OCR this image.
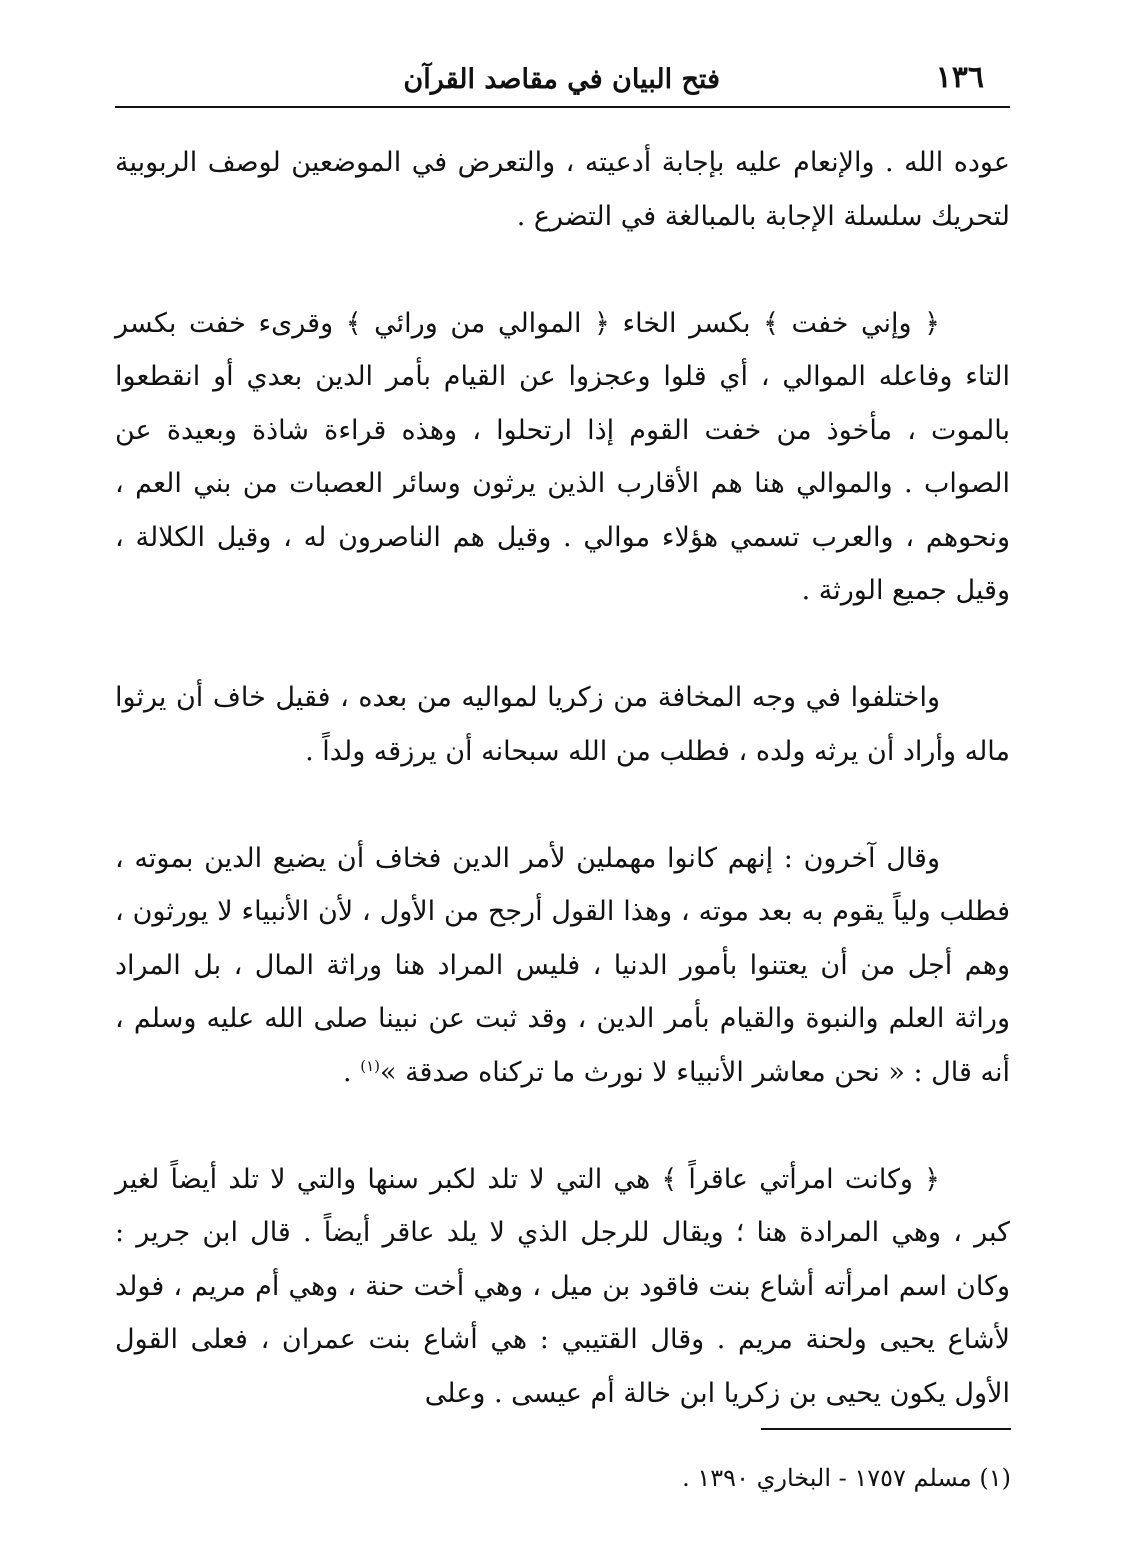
١٣٦
فتح البيان في مقاصد القرآن

عوده الله . والإنعام عليه بإجابة أدعيته ، والتعرض في الموضعين لوصف الربوبية لتحريك سلسلة الإجابة بالمبالغة في التضرع .

﴿ وإني خفت ﴾ بكسر الخاء ﴿ الموالي من ورائي ﴾ وقرىء خفت بكسر التاء وفاعله الموالي ، أي قلوا وعجزوا عن القيام بأمر الدين بعدي أو انقطعوا بالموت ، مأخوذ من خفت القوم إذا ارتحلوا ، وهذه قراءة شاذة وبعيدة عن الصواب . والموالي هنا هم الأقارب الذين يرثون وسائر العصبات من بني العم ، ونحوهم ، والعرب تسمي هؤلاء موالي . وقيل هم الناصرون له ، وقيل الكلالة ، وقيل جميع الورثة .

واختلفوا في وجه المخافة من زكريا لمواليه من بعده ، فقيل خاف أن يرثوا ماله وأراد أن يرثه ولده ، فطلب من الله سبحانه أن يرزقه ولداً .

وقال آخرون : إنهم كانوا مهملين لأمر الدين فخاف أن يضيع الدين بموته ، فطلب ولياً يقوم به بعد موته ، وهذا القول أرجح من الأول ، لأن الأنبياء لا يورثون ، وهم أجل من أن يعتنوا بأمور الدنيا ، فليس المراد هنا وراثة المال ، بل المراد وراثة العلم والنبوة والقيام بأمر الدين ، وقد ثبت عن نبينا صلى الله عليه وسلم ، أنه قال : « نحن معاشر الأنبياء لا نورث ما تركناه صدقة »$^{(١)}$ .

﴿ وكانت امرأتي عاقراً ﴾ هي التي لا تلد لكبر سنها والتي لا تلد أيضاً لغير كبر ، وهي المرادة هنا ؛ ويقال للرجل الذي لا يلد عاقر أيضاً . قال ابن جرير : وكان اسم امرأته أشاع بنت فاقود بن ميل ، وهي أخت حنة ، وهي أم مريم ، فولد لأشاع يحيى ولحنة مريم . وقال القتيبي : هي أشاع بنت عمران ، فعلى القول الأول يكون يحيى بن زكريا ابن خالة أم عيسى . وعلى

(١) مسلم ١٧٥٧ - البخاري ١٣٩٠ .
